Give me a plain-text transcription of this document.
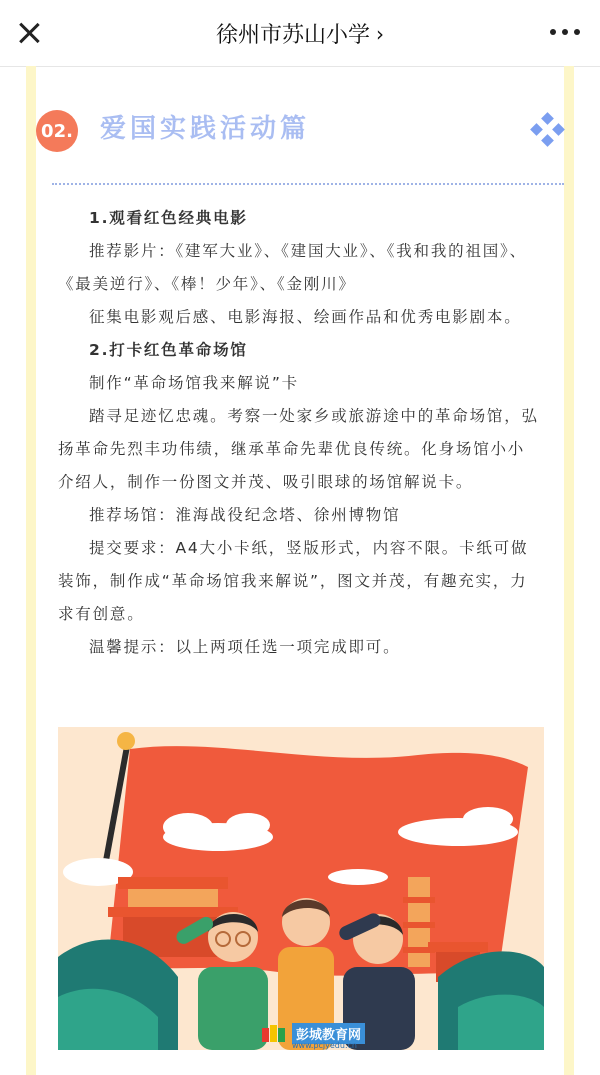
徐州市苏山小学 ›
02. 爱国实践活动篇

1.观看红色经典电影

推荐影片：《建军大业》、《建国大业》、《我和我的祖国》、《最美逆行》、《棒！少年》、《金刚川》

征集电影观后感、电影海报、绘画作品和优秀电影剧本。

2.打卡红色革命场馆

制作“革命场馆我来解说”卡

踏寻足迹忆忠魂。考察一处家乡或旅游途中的革命场馆，弘扬革命先烈丰功伟绩，继承革命先辈优良传统。化身场馆小小介绍人，制作一份图文并茂、吸引眼球的场馆解说卡。

推荐场馆：淮海战役纪念塔、徐州博物馆

提交要求：A4大小卡纸，竖版形式，内容不限。卡纸可做装饰，制作成“革命场馆我来解说”，图文并茂，有趣充实，力求有创意。

温馨提示：以上两项任选一项完成即可。

彭城教育网
www.pcjyedu.cn
